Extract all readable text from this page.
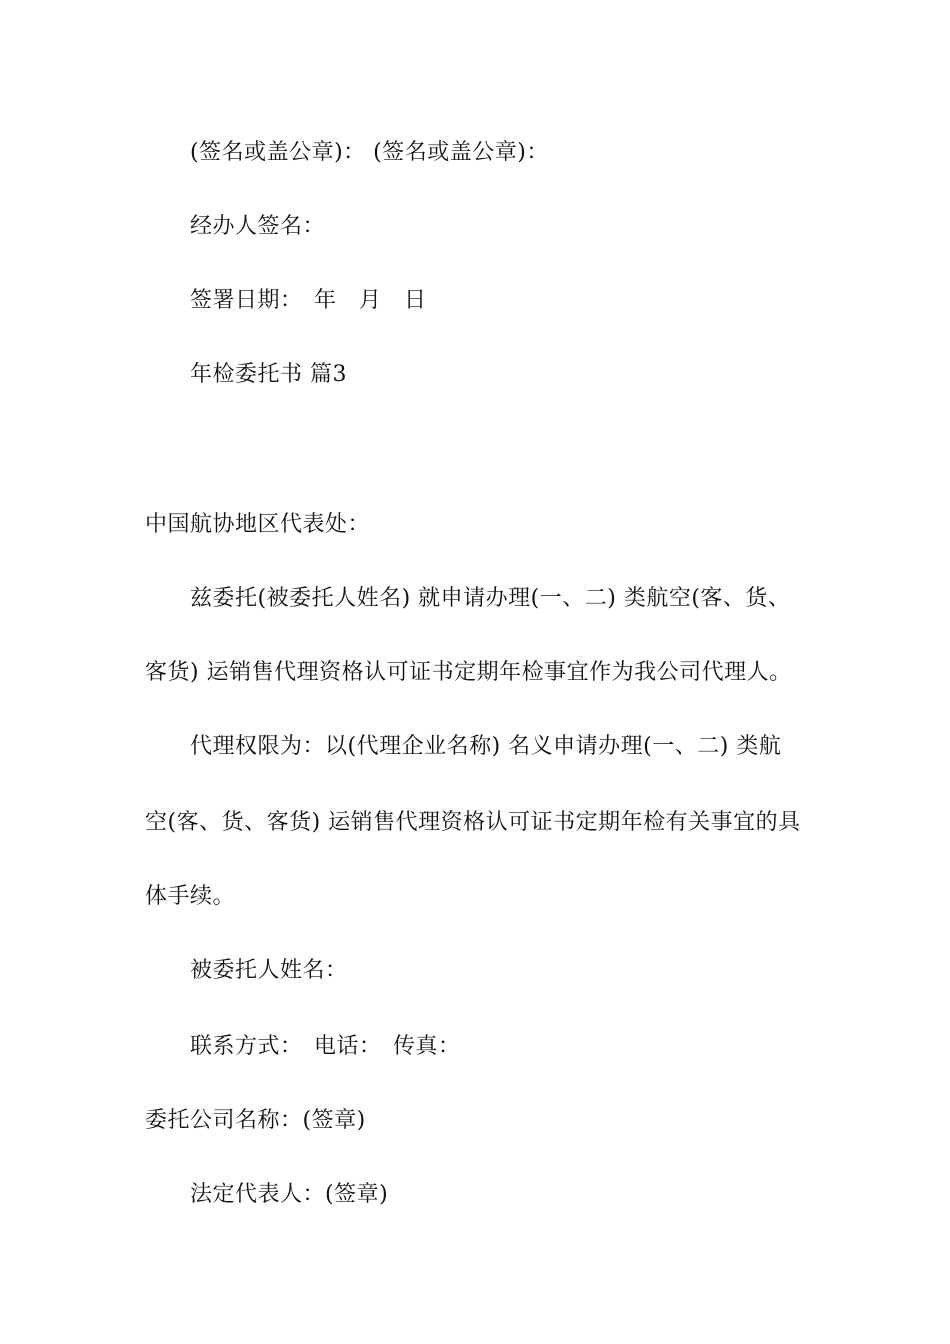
(签名或盖公章)： (签名或盖公章)：
经办人签名：
签署日期：　年　月　日
年检委托书 篇3
中国航协地区代表处：
兹委托(被委托人姓名) 就申请办理(一、二) 类航空(客、货、
客货) 运销售代理资格认可证书定期年检事宜作为我公司代理人。
代理权限为：以(代理企业名称) 名义申请办理(一、二) 类航
空(客、货、客货) 运销售代理资格认可证书定期年检有关事宜的具
体手续。
被委托人姓名：
联系方式：　电话：　传真：
委托公司名称：(签章)
法定代表人：(签章)
